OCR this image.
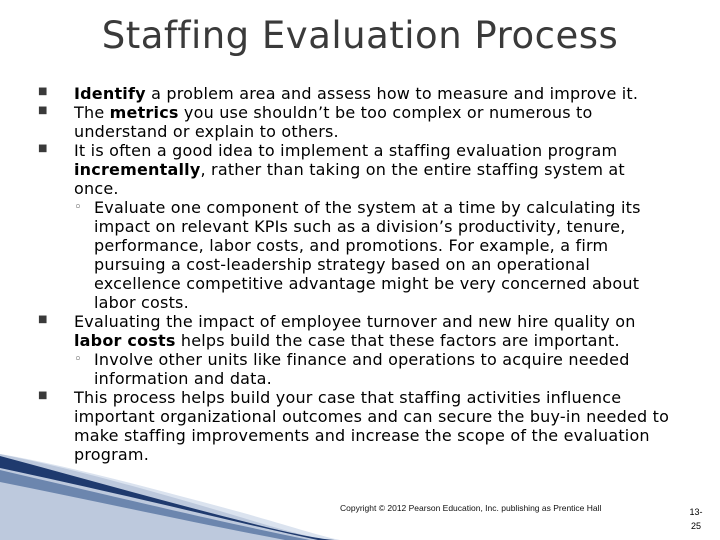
Staffing Evaluation Process

■ Identify a problem area and assess how to measure and improve it.

■ The metrics you use shouldn’t be too complex or numerous to understand or explain to others.

■ It is often a good idea to implement a staffing evaluation program incrementally, rather than taking on the entire staffing system at once.

◦ Evaluate one component of the system at a time by calculating its impact on relevant KPIs such as a division’s productivity, tenure, performance, labor costs, and promotions. For example, a firm pursuing a cost-leadership strategy based on an operational excellence competitive advantage might be very concerned about labor costs.

■ Evaluating the impact of employee turnover and new hire quality on labor costs helps build the case that these factors are important.

◦ Involve other units like finance and operations to acquire needed information and data.

■ This process helps build your case that staffing activities influence important organizational outcomes and can secure the buy-in needed to make staffing improvements and increase the scope of the evaluation program.

Copyright © 2012 Pearson Education, Inc. publishing as Prentice Hall	13-
25
